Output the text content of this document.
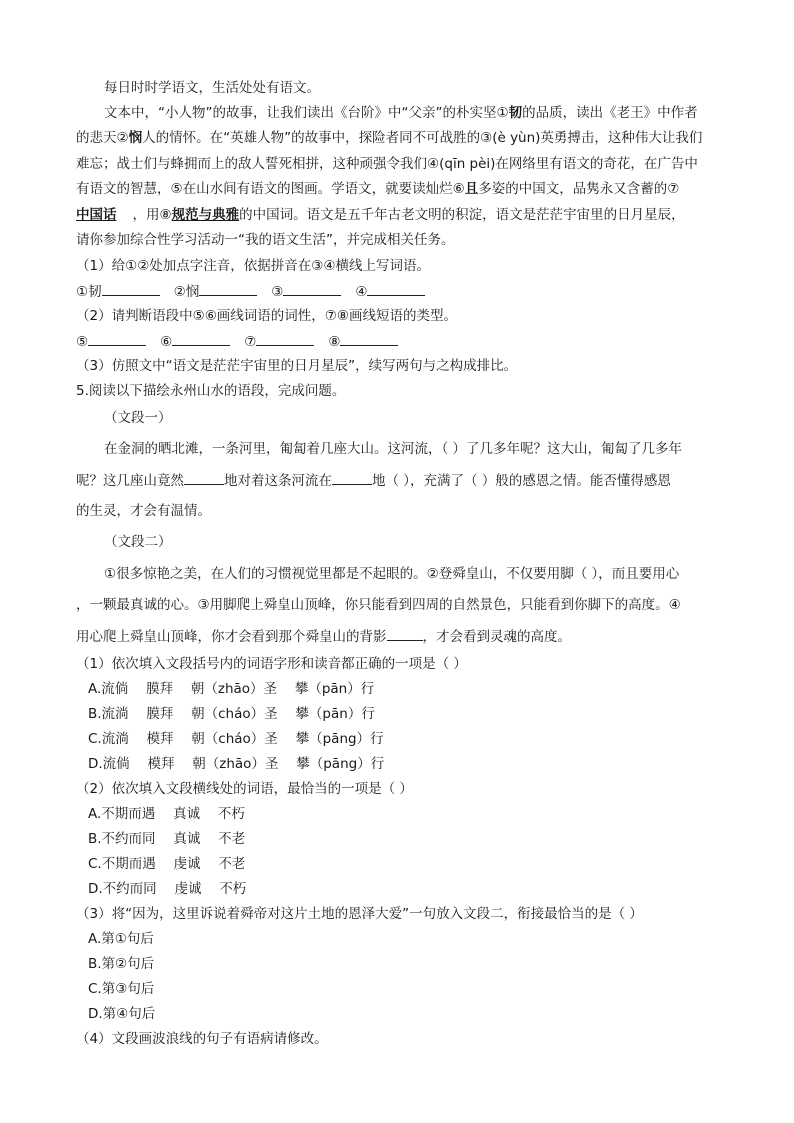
每日时时学语文，生活处处有语文。
文本中，“小人物”的故事，让我们读出《台阶》中“父亲”的朴实坚①韧的品质，读出《老王》中作者
的悲天②悯人的情怀。在“英雄人物”的故事中，探险者同不可战胜的③(è yùn)英勇搏击，这种伟大让我们
难忘；战士们与蜂拥而上的敌人誓死相拼，这种顽强令我们④(qīn pèi)在网络里有语文的奇花，在广告中
有语文的智慧，⑤在山水间有语文的图画。学语文，就要读灿烂⑥且多姿的中国文，品隽永又含蓄的⑦
中国话 ，用⑧规范与典雅的中国词。语文是五千年古老文明的积淀，语文是茫茫宇宙里的日月星辰，
请你参加综合性学习活动一“我的语文生活”，并完成相关任务。
（1）给①②处加点字注音，依据拼音在③④横线上写词语。
①韧	②悯	③	④
（2）请判断语段中⑤⑥画线词语的词性，⑦⑧画线短语的类型。
⑤	⑥	⑦	⑧
（3）仿照文中“语文是茫茫宇宙里的日月星辰”，续写两句与之构成排比。
5.阅读以下描绘永州山水的语段，完成问题。
（文段一）
在金洞的晒北滩，一条河里，匍匐着几座大山。这河流，（ ）了几多年呢？这大山，匍匐了几多年
呢？这几座山竟然	地对着这条河流在	地（ ），充满了（ ）般的感恩之情。能否懂得感恩
的生灵，才会有温情。
（文段二）
①很多惊艳之美，在人们的习惯视觉里都是不起眼的。②登舜皇山，不仅要用脚（ ），而且要用心
，一颗最真诚的心。③用脚爬上舜皇山顶峰，你只能看到四周的自然景色，只能看到你脚下的高度。④
用心爬上舜皇山顶峰，你才会看到那个舜皇山的背影	，才会看到灵魂的高度。
（1）依次填入文段括号内的词语字形和读音都正确的一项是（ ）
A.流倘　 膜拜　 朝（zhāo）圣　 攀（pān）行
B.流淌　 膜拜　 朝（cháo）圣　 攀（pān）行
C.流淌　 模拜　 朝（cháo）圣　 攀（pāng）行
D.流倘　 模拜　 朝（zhāo）圣　 攀（pāng）行
（2）依次填入文段横线处的词语，最恰当的一项是（ ）
A.不期而遇　 真诚　 不朽
B.不约而同　 真诚　 不老
C.不期而遇　 虔诚　 不老
D.不约而同　 虔诚　 不朽
（3）将“因为，这里诉说着舜帝对这片土地的恩泽大爱”一句放入文段二，衔接最恰当的是（ ）
A.第①句后
B.第②句后
C.第③句后
D.第④句后
（4）文段画波浪线的句子有语病请修改。
